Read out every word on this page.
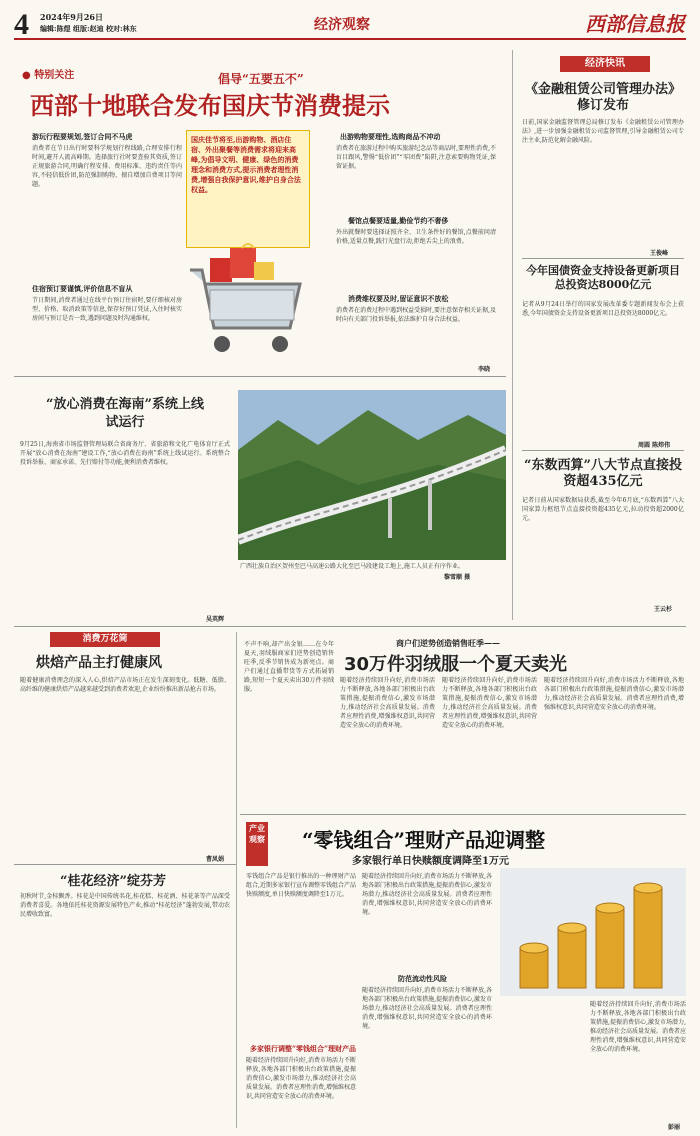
4 2024年9月26日
编辑:陈煜 组版:赵迪 校对:林东	经济观察	西部信息报
● 特别关注	倡导“五要五不”
西部十地联合发布国庆节消费提示
游玩行程要规划,签订合同不马虎
消费者在节日出行时要科学规划行程线路,合理安排行程时间,避开人流高峰期。选择旅行社时要查验其资质,签订正规旅游合同,明确行程安排、费用标准、违约责任等内容,不轻信低价团,防范强制购物、擅自增加自费项目等问题。
住宿预订要谨慎,评价信息不盲从
节日期间,消费者通过在线平台预订住宿时,要仔细核对房型、价格、取消政策等信息,保存好预订凭证,入住时核实房间与预订是否一致,遇到问题及时沟通维权。
国庆佳节将至,出游购物、酒店住宿、外出聚餐等消费需求将迎来高峰,为倡导文明、健康、绿色的消费理念和消费方式,提示消费者理性消费,增强自我保护意识,维护自身合法权益。
出游购物要理性,选购商品不冲动
消费者在旅游过程中购买旅游纪念品等商品时,要理性消费,不盲目跟风,警惕“低价团”“零团费”陷阱,注意索要购物凭证,保留证据。
餐馆点餐要适量,勤俭节约不奢侈
外出就餐时要选择证照齐全、卫生条件好的餐馆,点餐前问清价格,适量点餐,践行光盘行动,拒绝舌尖上的浪费。
消费维权要及时,留证意识不放松
消费者在消费过程中遇到权益受损时,要注意保存相关证据,及时向有关部门投诉举报,依法维护自身合法权益。
李晓
经济快讯
《金融租赁公司管理办法》修订发布
日前,国家金融监督管理总局修订发布《金融租赁公司管理办法》,进一步加强金融租赁公司监督管理,引导金融租赁公司专注主业,防范化解金融风险。
王俊峰
今年国债资金支持设备更新项目总投资达8000亿元
记者从9月24日举行的国家发展改革委专题新闻发布会上获悉,今年国债资金支持设备更新项目总投资达8000亿元。
周圆 陈炜伟
“东数西算”八大节点直接投资超435亿元
记者日前从国家数据局获悉,截至今年6月底,“东数西算”八大国家算力枢纽节点直接投资超435亿元,拉动投资超2000亿元。
王云杉
“放心消费在海南”系统上线试运行
9月25日,海南省市场监督管理局联合省商务厅、省旅游和文化广电体育厅正式开展“放心消费在海南”建设工作,“放心消费在海南”系统上线试运行。系统整合投诉举报、商家承诺、先行赔付等功能,便利消费者维权。
吴英辉
广西壮族自治区贺州至巴马高速公路大化至巴马段建设工地上,施工人员正有序作业。
黎雪顺 摄
消费万花筒
烘焙产品主打健康风
随着健康消费理念的深入人心,烘焙产品市场正在发生深刻变化。低糖、低脂、高纤维的健康烘焙产品越来越受到消费者欢迎,企业纷纷推出新品抢占市场。
曹凤娟
“桂花经济”绽芬芳
初秋时节,金桂飘香。桂花是中国传统名花,桂花糕、桂花酒、桂花茶等产品深受消费者喜爱。各地依托桂花资源发展特色产业,推动“桂花经济”蓬勃发展,带动农民增收致富。
商户们逆势创造销售旺季——
30万件羽绒服一个夏天卖光
不声不响,却产出金银……在今年夏天,羽绒服商家们逆势创造销售旺季,反季节销售成为新亮点。商户们通过直播带货等方式拓展销路,短短一个夏天卖出30万件羽绒服。
随着经济持续回升向好,消费市场活力不断释放,各地各部门积极出台政策措施,提振消费信心,激发市场潜力,推动经济社会高质量发展。消费者应理性消费,增强维权意识,共同营造安全放心的消费环境。
随着经济持续回升向好,消费市场活力不断释放,各地各部门积极出台政策措施,提振消费信心,激发市场潜力,推动经济社会高质量发展。消费者应理性消费,增强维权意识,共同营造安全放心的消费环境。
随着经济持续回升向好,消费市场活力不断释放,各地各部门积极出台政策措施,提振消费信心,激发市场潜力,推动经济社会高质量发展。消费者应理性消费,增强维权意识,共同营造安全放心的消费环境。
产业观察 “零钱组合”理财产品迎调整
多家银行单日快赎额度调降至1万元
零钱组合产品是银行推出的一种理财产品组合,近期多家银行宣布调整零钱组合产品快赎额度,单日快赎额度调降至1万元。
多家银行调整“零钱组合”理财产品
随着经济持续回升向好,消费市场活力不断释放,各地各部门积极出台政策措施,提振消费信心,激发市场潜力,推动经济社会高质量发展。消费者应理性消费,增强维权意识,共同营造安全放心的消费环境。
随着经济持续回升向好,消费市场活力不断释放,各地各部门积极出台政策措施,提振消费信心,激发市场潜力,推动经济社会高质量发展。消费者应理性消费,增强维权意识,共同营造安全放心的消费环境。
防范流动性风险
随着经济持续回升向好,消费市场活力不断释放,各地各部门积极出台政策措施,提振消费信心,激发市场潜力,推动经济社会高质量发展。消费者应理性消费,增强维权意识,共同营造安全放心的消费环境。
随着经济持续回升向好,消费市场活力不断释放,各地各部门积极出台政策措施,提振消费信心,激发市场潜力,推动经济社会高质量发展。消费者应理性消费,增强维权意识,共同营造安全放心的消费环境。
彭丽
